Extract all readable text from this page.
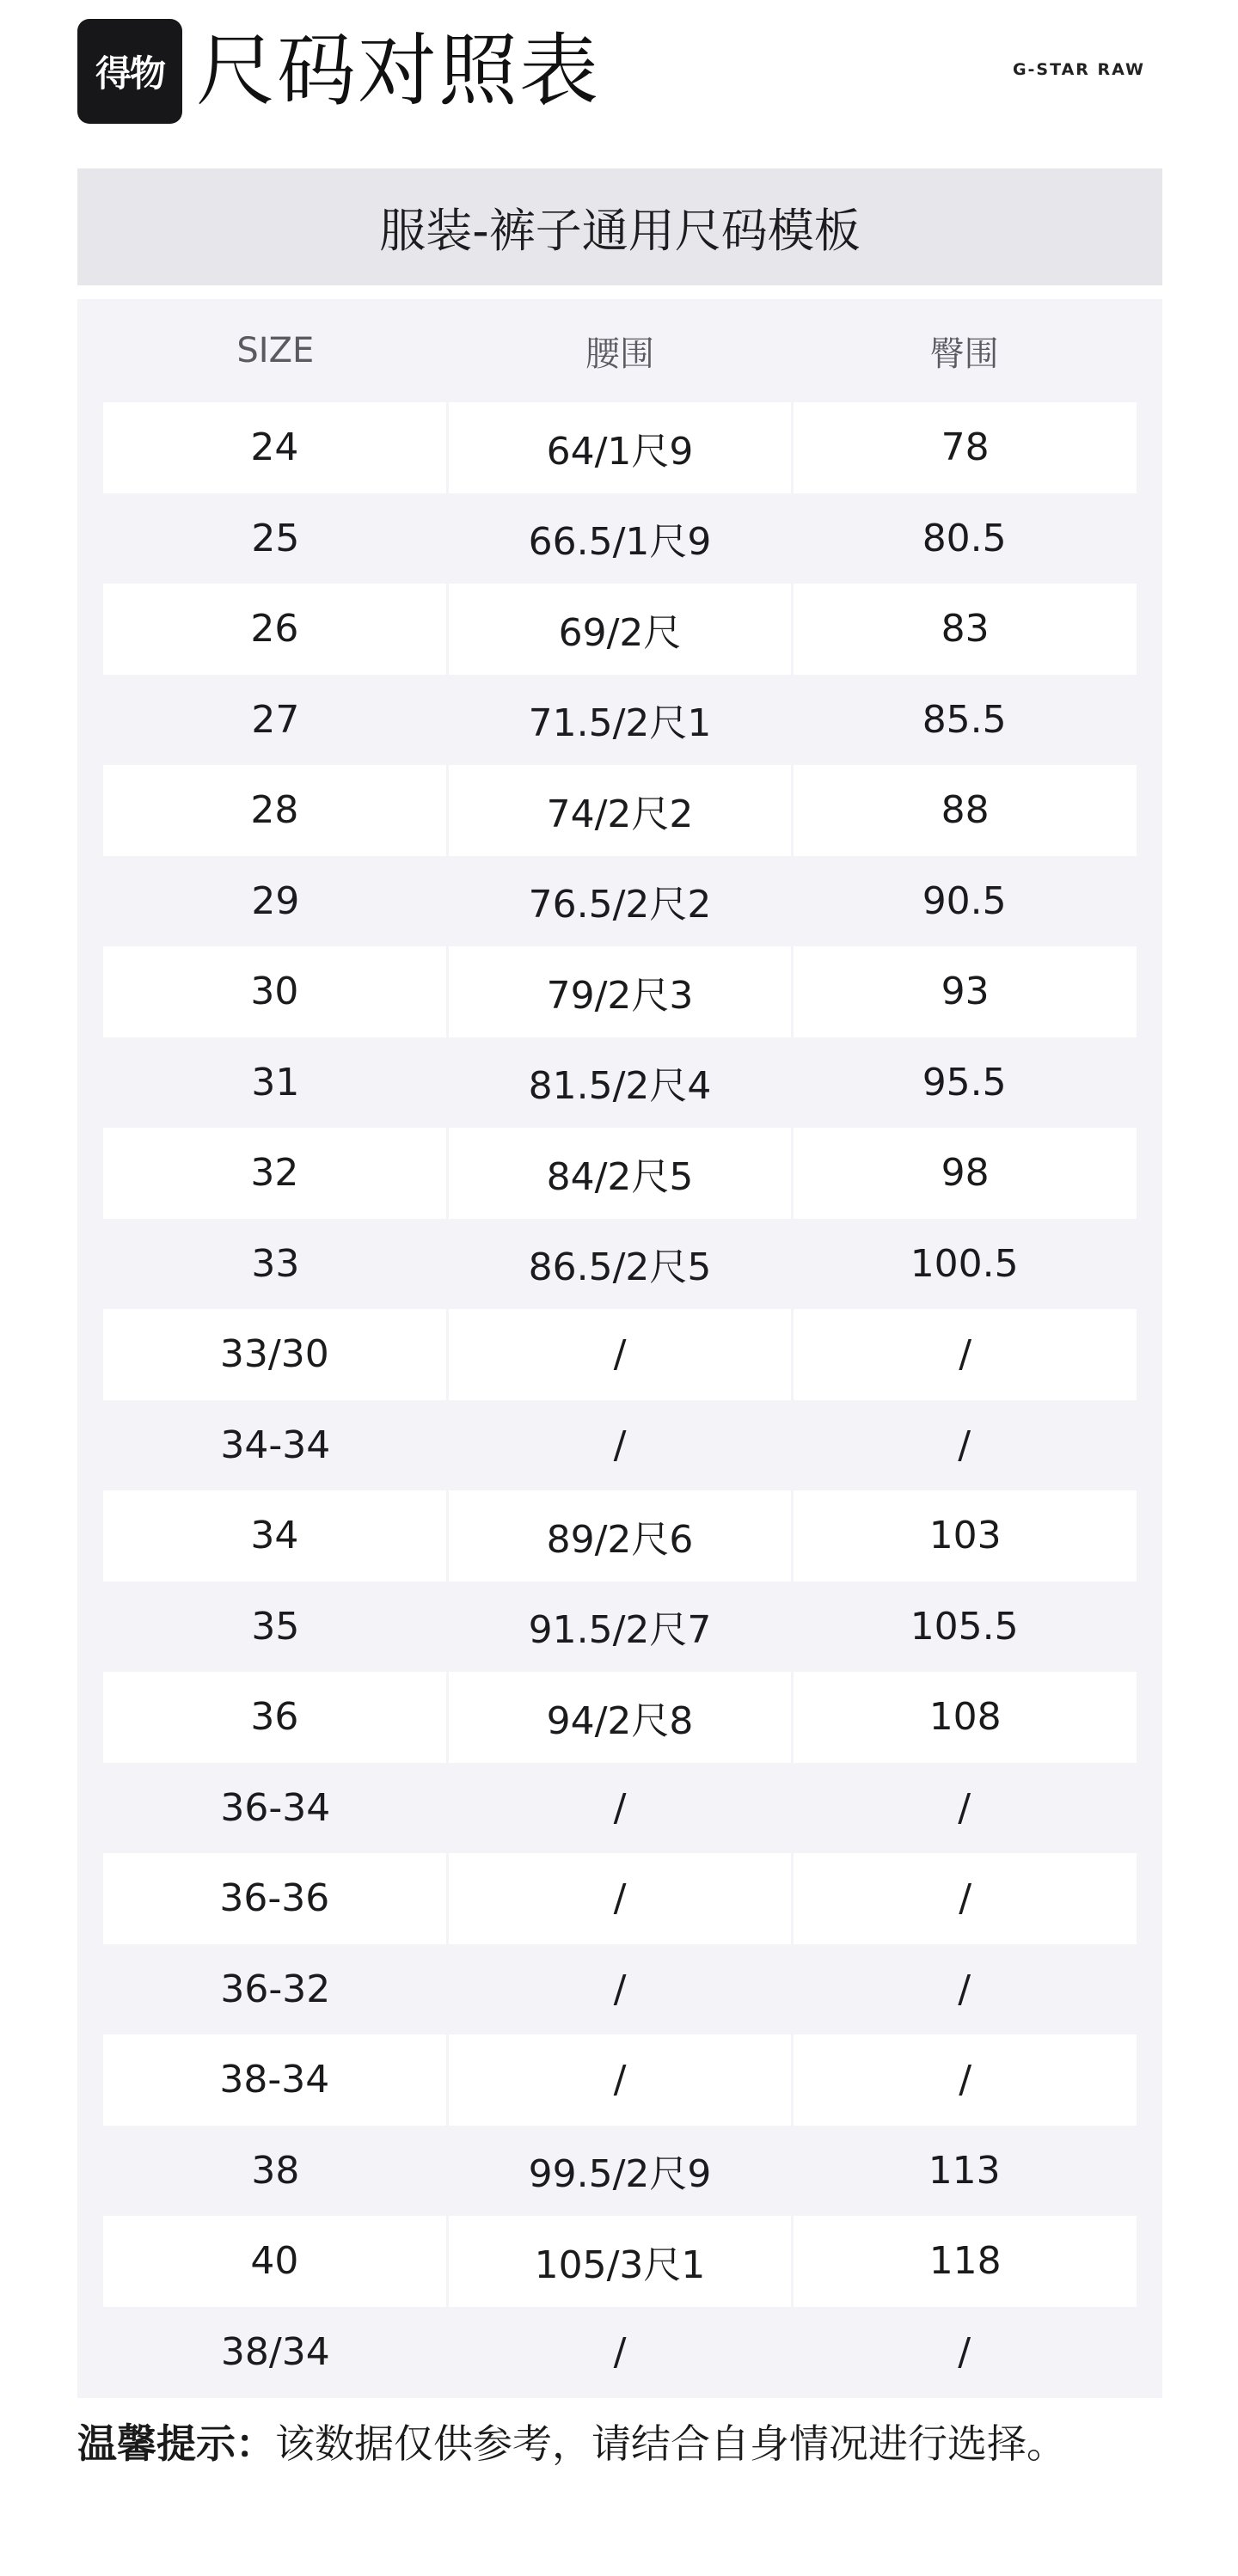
得物 尺码对照表	G-STAR RAW
服装-裤子通用尺码模板
SIZE	腰围	臀围
24	64/1尺9	78
25	66.5/1尺9	80.5
26	69/2尺	83
27	71.5/2尺1	85.5
28	74/2尺2	88
29	76.5/2尺2	90.5
30	79/2尺3	93
31	81.5/2尺4	95.5
32	84/2尺5	98
33	86.5/2尺5	100.5
33/30	/	/
34-34	/	/
34	89/2尺6	103
35	91.5/2尺7	105.5
36	94/2尺8	108
36-34	/	/
36-36	/	/
36-32	/	/
38-34	/	/
38	99.5/2尺9	113
40	105/3尺1	118
38/34	/	/
温馨提示：该数据仅供参考，请结合自身情况进行选择。
